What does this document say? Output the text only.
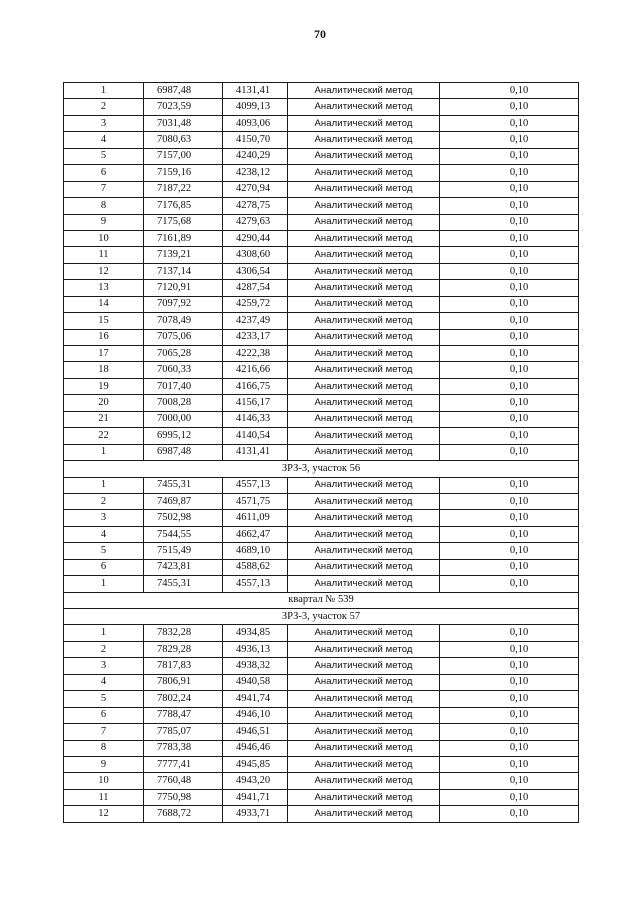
70
1	6987,48	4131,41	Аналитический метод	0,10
2	7023,59	4099,13	Аналитический метод	0,10
3	7031,48	4093,06	Аналитический метод	0,10
4	7080,63	4150,70	Аналитический метод	0,10
5	7157,00	4240,29	Аналитический метод	0,10
6	7159,16	4238,12	Аналитический метод	0,10
7	7187,22	4270,94	Аналитический метод	0,10
8	7176,85	4278,75	Аналитический метод	0,10
9	7175,68	4279,63	Аналитический метод	0,10
10	7161,89	4290,44	Аналитический метод	0,10
11	7139,21	4308,60	Аналитический метод	0,10
12	7137,14	4306,54	Аналитический метод	0,10
13	7120,91	4287,54	Аналитический метод	0,10
14	7097,92	4259,72	Аналитический метод	0,10
15	7078,49	4237,49	Аналитический метод	0,10
16	7075,06	4233,17	Аналитический метод	0,10
17	7065,28	4222,38	Аналитический метод	0,10
18	7060,33	4216,66	Аналитический метод	0,10
19	7017,40	4166,75	Аналитический метод	0,10
20	7008,28	4156,17	Аналитический метод	0,10
21	7000,00	4146,33	Аналитический метод	0,10
22	6995,12	4140,54	Аналитический метод	0,10
1	6987,48	4131,41	Аналитический метод	0,10
ЗРЗ-3, участок 56				
1	7455,31	4557,13	Аналитический метод	0,10
2	7469,87	4571,75	Аналитический метод	0,10
3	7502,98	4611,09	Аналитический метод	0,10
4	7544,55	4662,47	Аналитический метод	0,10
5	7515,49	4689,10	Аналитический метод	0,10
6	7423,81	4588,62	Аналитический метод	0,10
1	7455,31	4557,13	Аналитический метод	0,10
квартал № 539				
ЗРЗ-3, участок 57				
1	7832,28	4934,85	Аналитический метод	0,10
2	7829,28	4936,13	Аналитический метод	0,10
3	7817,83	4938,32	Аналитический метод	0,10
4	7806,91	4940,58	Аналитический метод	0,10
5	7802,24	4941,74	Аналитический метод	0,10
6	7788,47	4946,10	Аналитический метод	0,10
7	7785,07	4946,51	Аналитический метод	0,10
8	7783,38	4946,46	Аналитический метод	0,10
9	7777,41	4945,85	Аналитический метод	0,10
10	7760,48	4943,20	Аналитический метод	0,10
11	7750,98	4941,71	Аналитический метод	0,10
12	7688,72	4933,71	Аналитический метод	0,10
